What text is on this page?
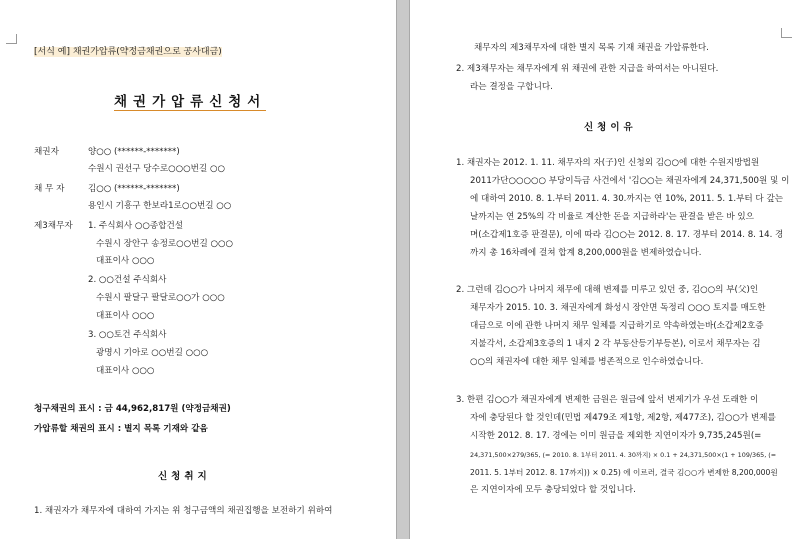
[서식 예] 채권가압류(약정금채권으로 공사대금)
채권가압류신청서
채권자	양○○ (******-*******)
수원시 권선구 당수로○○○번길 ○○
채 무 자	김○○ (******-*******)
용인시 기흥구 한보라1로○○번길 ○○
제3채무자 1. 주식회사 ○○종합건설
수원시 장안구 송정로○○번길 ○○○
대표이사 ○○○
2. ○○건설 주식회사
수원시 팔달구 팔달로○○가 ○○○
대표이사 ○○○
3. ○○토건 주식회사
광명시 기아로 ○○번길 ○○○
대표이사 ○○○
청구채권의 표시 : 금 44,962,817원 (약정금채권)
가압류할 채권의 표시 : 별지 목록 기재와 같음
신청취지
1. 채권자가 채무자에 대하여 가지는 위 청구금액의 채권집행을 보전하기 위하여
채무자의 제3채무자에 대한 별지 목록 기재 채권을 가압류한다.
2. 제3채무자는 채무자에게 위 채권에 관한 지급을 하여서는 아니된다.
라는 결정을 구합니다.
신청이유
1. 채권자는 2012. 1. 11. 채무자의 자(子)인 신청외 김○○에 대한 수원지방법원
2011가단○○○○○ 부당이득금 사건에서 '김○○는 채권자에게 24,371,500원 및 이
에 대하여 2010. 8. 1.부터 2011. 4. 30.까지는 연 10%, 2011. 5. 1.부터 다 갚는
날까지는 연 25%의 각 비율로 계산한 돈을 지급하라'는 판결을 받은 바 있으
며(소갑제1호증 판결문), 이에 따라 김○○는 2012. 8. 17. 경부터 2014. 8. 14. 경
까지 총 16차례에 걸쳐 합계 8,200,000원을 변제하였습니다.
2. 그런데 김○○가 나머지 채무에 대해 변제를 미루고 있던 중, 김○○의 부(父)인
채무자가 2015. 10. 3. 채권자에게 화성시 장안면 독정리 ○○○ 토지를 매도한
대금으로 이에 관한 나머지 채무 일체를 지급하기로 약속하였는바(소갑제2호증
지불각서, 소갑제3호증의 1 내지 2 각 부동산등기부등본), 이로서 채무자는 김
○○의 채권자에 대한 채무 일체를 병존적으로 인수하였습니다.
3. 한편 김○○가 채권자에게 변제한 금원은 원금에 앞서 변제기가 우선 도래한 이
자에 충당된다 할 것인데(민법 제479조 제1항, 제2항, 제477조), 김○○가 변제를
시작한 2012. 8. 17. 경에는 이미 원금을 제외한 지연이자가 9,735,245원(=
24,371,500×279/365, (= 2010. 8. 1부터 2011. 4. 30까지) × 0.1 + 24,371,500×(1 + 109/365, (=
2011. 5. 1부터 2012. 8. 17까지)) × 0.25) 에 이르러, 결국 김○○가 변제한 8,200,000원
은 지연이자에 모두 충당되었다 할 것입니다.
